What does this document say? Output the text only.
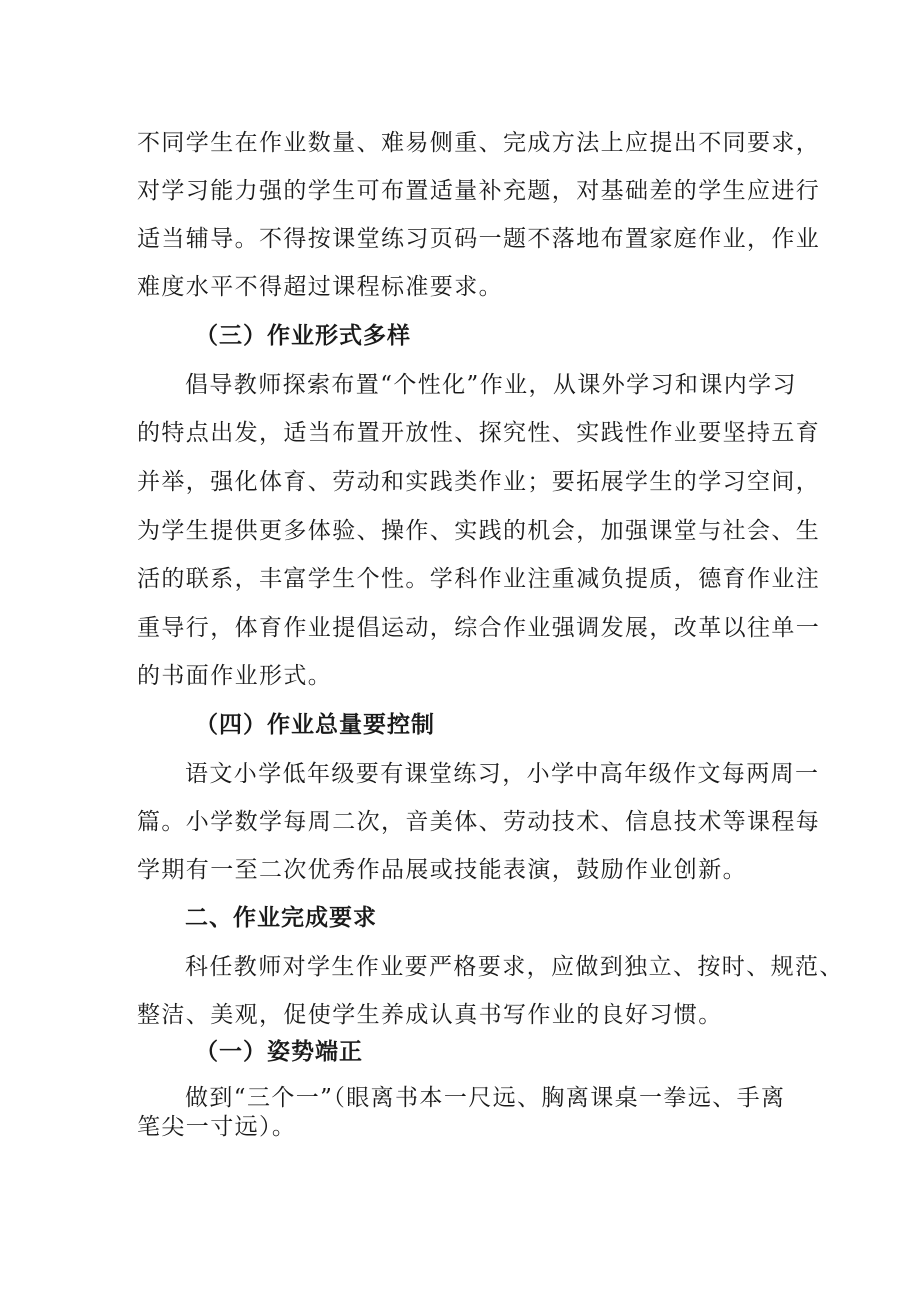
不同学生在作业数量、难易侧重、完成方法上应提出不同要求，
对学习能力强的学生可布置适量补充题，对基础差的学生应进行
适当辅导。不得按课堂练习页码一题不落地布置家庭作业，作业
难度水平不得超过课程标准要求。
（三）作业形式多样
倡导教师探索布置“个性化”作业，从课外学习和课内学习
的特点出发，适当布置开放性、探究性、实践性作业要坚持五育
并举，强化体育、劳动和实践类作业；要拓展学生的学习空间，
为学生提供更多体验、操作、实践的机会，加强课堂与社会、生
活的联系，丰富学生个性。学科作业注重减负提质，德育作业注
重导行，体育作业提倡运动，综合作业强调发展，改革以往单一
的书面作业形式。
（四）作业总量要控制
语文小学低年级要有课堂练习，小学中高年级作文每两周一
篇。小学数学每周二次，音美体、劳动技术、信息技术等课程每
学期有一至二次优秀作品展或技能表演，鼓励作业创新。
二、作业完成要求
科任教师对学生作业要严格要求，应做到独立、按时、规范、
整洁、美观，促使学生养成认真书写作业的良好习惯。
（一）姿势端正
做到“三个一”（眼离书本一尺远、胸离课桌一拳远、手离
笔尖一寸远）。
